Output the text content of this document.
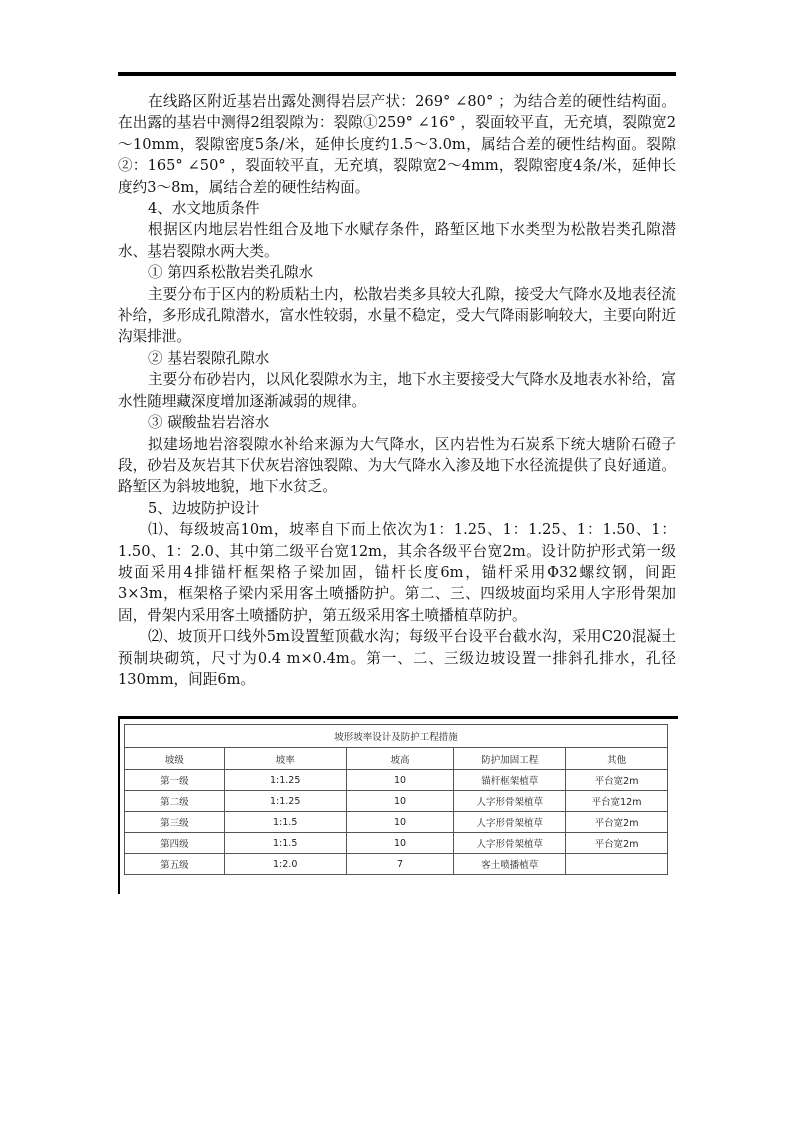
在线路区附近基岩出露处测得岩层产状：269° ∠80° ；为结合差的硬性结构面。在出露的基岩中测得2组裂隙为：裂隙①259° ∠16° ，裂面较平直，无充填，裂隙宽2～10mm，裂隙密度5条/米，延伸长度约1.5～3.0m，属结合差的硬性结构面。裂隙②：165° ∠50° ，裂面较平直，无充填，裂隙宽2～4mm，裂隙密度4条/米，延伸长度约3～8m，属结合差的硬性结构面。

4、水文地质条件

根据区内地层岩性组合及地下水赋存条件，路堑区地下水类型为松散岩类孔隙潜水、基岩裂隙水两大类。

① 第四系松散岩类孔隙水

主要分布于区内的粉质粘土内，松散岩类多具较大孔隙，接受大气降水及地表径流补给，多形成孔隙潜水，富水性较弱，水量不稳定，受大气降雨影响较大，主要向附近沟渠排泄。

② 基岩裂隙孔隙水

主要分布砂岩内，以风化裂隙水为主，地下水主要接受大气降水及地表水补给，富水性随埋藏深度增加逐渐减弱的规律。

③ 碳酸盐岩岩溶水

拟建场地岩溶裂隙水补给来源为大气降水，区内岩性为石炭系下统大塘阶石磴子段，砂岩及灰岩其下伏灰岩溶蚀裂隙、为大气降水入渗及地下水径流提供了良好通道。路堑区为斜坡地貌，地下水贫乏。

5、边坡防护设计

⑴、每级坡高10m，坡率自下而上依次为1：1.25、1：1.25、1：1.50、1：1.50、1：2.0、其中第二级平台宽12m，其余各级平台宽2m。设计防护形式第一级坡面采用4排锚杆框架格子梁加固，锚杆长度6m，锚杆采用Φ32螺纹钢，间距3×3m，框架格子梁内采用客土喷播防护。第二、三、四级坡面均采用人字形骨架加固，骨架内采用客土喷播防护，第五级采用客土喷播植草防护。

⑵、坡顶开口线外5m设置堑顶截水沟；每级平台设平台截水沟，采用C20混凝土预制块砌筑，尺寸为0.4 m×0.4m。第一、二、三级边坡设置一排斜孔排水，孔径130mm，间距6m。

坡形坡率设计及防护工程措施				
坡级	坡率	坡高	防护加固工程	其他
第一级	1:1.25	10	锚杆框架植草	平台宽2m
第二级	1:1.25	10	人字形骨架植草	平台宽12m
第三级	1:1.5	10	人字形骨架植草	平台宽2m
第四级	1:1.5	10	人字形骨架植草	平台宽2m
第五级	1:2.0	7	客土喷播植草	
